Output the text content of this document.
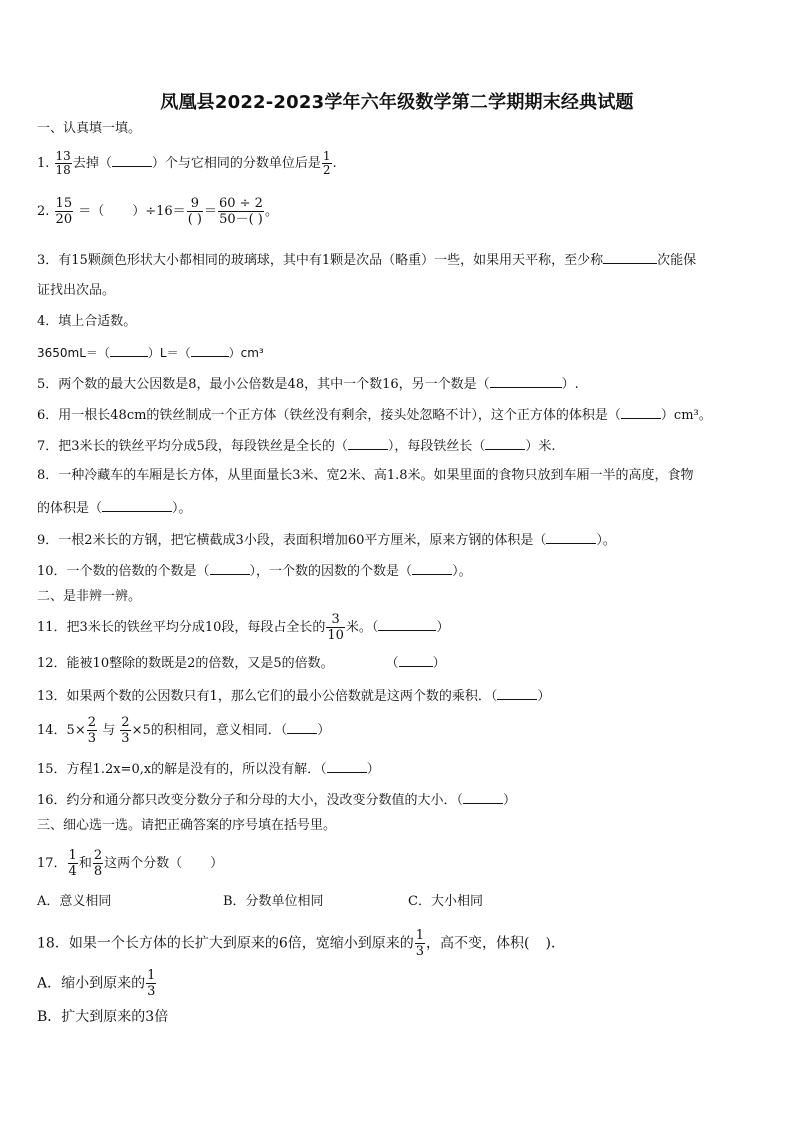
凤凰县2022-2023学年六年级数学第二学期期末经典试题
一、认真填一填。
1. $\frac{13}{18}$ 去掉（	）个与它相同的分数单位后是 $\frac{1}{2}$ .
2. $\frac{15}{20}$ ＝（ ）$\div 16= \frac{9}{( )} = \frac{60 \div 2}{50-( )}$ 。
3．有15颗颜色形状大小都相同的玻璃球，其中有1颗是次品（略重）一些，如果用天平称，至少称	次能保
证找出次品。
4．填上合适数。
3650mL＝（	）L＝（	）cm³
5．两个数的最大公因数是8，最小公倍数是48，其中一个数16，另一个数是（	）.
6．用一根长48cm的铁丝制成一个正方体（铁丝没有剩余，接头处忽略不计），这个正方体的体积是（	）cm³。
7．把3米长的铁丝平均分成5段，每段铁丝是全长的（	），每段铁丝长（	）米.
8．一种冷藏车的车厢是长方体，从里面量长3米、宽2米、高1.8米。如果里面的食物只放到车厢一半的高度，食物
的体积是（	）。
9．一根2米长的方钢，把它横截成3小段，表面积增加60平方厘米，原来方钢的体积是（	）。
10．一个数的倍数的个数是（	），一个数的因数的个数是（	）。
二、是非辨一辨。
11．把3米长的铁丝平均分成10段，每段占全长的 $\frac{3}{10}$ 米。（	）
12．能被10整除的数既是2的倍数，又是5的倍数。	（	）
13．如果两个数的公因数只有1，那么它们的最小公倍数就是这两个数的乘积．（	）
14．$5\times \frac{2}{3}$ 与 $\frac{2}{3} \times 5$的积相同，意义相同．（ ）
15．方程1.2x=0,x的解是没有的，所以没有解．（	）
16．约分和通分都只改变分数分子和分母的大小，没改变分数值的大小．（	）
三、细心选一选。请把正确答案的序号填在括号里。
17． $\frac{1}{4}$ 和 $\frac{2}{8}$ 这两个分数（ ）
A．意义相同	B．分数单位相同	C．大小相同
18．如果一个长方体的长扩大到原来的6倍，宽缩小到原来的 $\frac{1}{3}$ ，高不变，体积( )．
A．缩小到原来的 $\frac{1}{3}$
B．扩大到原来的3倍
